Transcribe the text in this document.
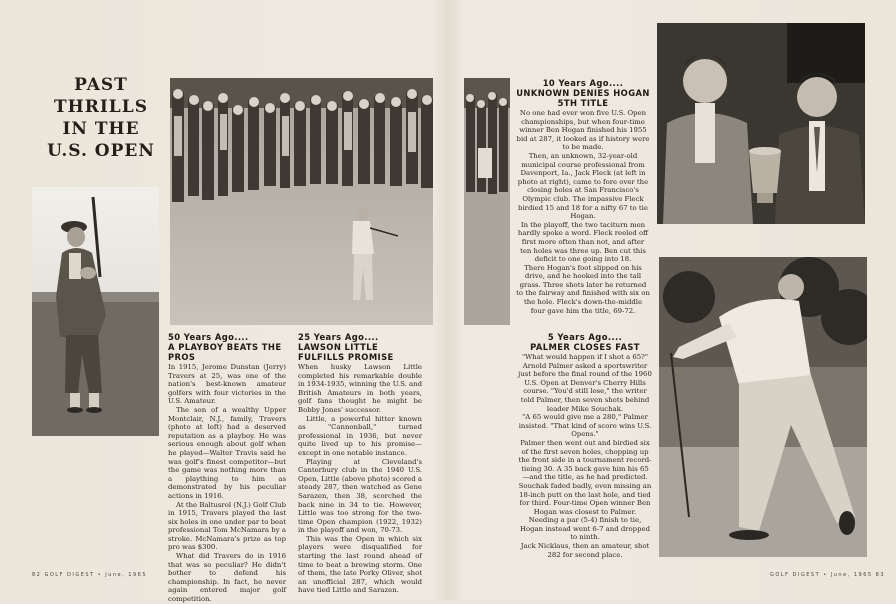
PAST
THRILLS
IN THE
U.S. OPEN
50 Years Ago....
A PLAYBOY BEATS THE PROS

In 1915, Jerome Dunstan (Jerry) Travers at 25, was one of the nation's best-known amateur golfers with four victories in the U.S. Amateur.

The son of a wealthy Upper Montclair, N.J., family, Travers (photo at left) had a deserved reputation as a playboy. He was serious enough about golf when he played—Walter Travis said he was golf's finest competitor—but the game was nothing more than a plaything to him as demonstrated by his peculiar actions in 1916.

At the Baltusrol (N.J.) Golf Club in 1915, Travers played the last six holes in one under par to beat professional Tom McNamara by a stroke. McNamara's prize as top pro was $300.

What did Travers do in 1916 that was so peculiar? He didn't bother to defend his championship. In fact, he never again entered major golf competition.

25 Years Ago....
LAWSON LITTLE FULFILLS PROMISE

When husky Lawson Little completed his remarkable double in 1934-1935, winning the U.S. and British Amateurs in both years, golf fans thought he might be Bobby Jones' successor.

Little, a powerful hitter known as "Cannonball," turned professional in 1936, but never quite lived up to his promise—except in one notable instance.

Playing at Cleveland's Canterbury club in the 1940 U.S. Open, Little (above photo) scored a steady 287, then watched as Gene Sarazen, then 38, scorched the back nine in 34 to tie. However, Little was too strong for the two-time Open champion (1922, 1932) in the playoff and won, 70-73.

This was the Open in which six players were disqualified for starting the last round ahead of time to beat a brewing storm. One of them, the late Porky Oliver, shot an unofficial 287, which would have tied Little and Sarazen.

10 Years Ago....
UNKNOWN DENIES HOGAN 5TH TITLE

No one had ever won five U.S. Open championships, but when four-time winner Ben Hogan finished his 1955 bid at 287, it looked as if history were to be made.

Then, an unknown, 32-year-old municipal course professional from Davenport, Ia., Jack Fleck (at left in photo at right), came to fore over the closing holes at San Francisco's Olympic club. The impassive Fleck birdied 15 and 18 for a nifty 67 to tie Hogan.

In the playoff, the two taciturn men hardly spoke a word. Fleck reeled off first more often than not, and after ten holes was three up. Ben cut this deficit to one going into 18.

There Hogan's foot slipped on his drive, and he hooked into the tall grass. Three shots later he returned to the fairway and finished with six on the hole. Fleck's down-the-middle four gave him the title, 69-72.

5 Years Ago....
PALMER CLOSES FAST

"What would happen if I shot a 65?" Arnold Palmer asked a sportswriter just before the final round of the 1960 U.S. Open at Denver's Cherry Hills course. "You'd still lose," the writer told Palmer, then seven shots behind leader Mike Souchak.

"A 65 would give me a 280," Palmer insisted. "That kind of score wins U.S. Opens."

Palmer then went out and birdied six of the first seven holes, chopping up the front side in a tournament record-tieing 30. A 35 back gave him his 65—and the title, as he had predicted.

Souchak faded badly, even missing an 18-inch putt on the last hole, and tied for third. Four-time Open winner Ben Hogan was closest to Palmer. Needing a par (5-4) finish to tie, Hogan instead went 6-7 and dropped to ninth.

Jack Nicklaus, then an amateur, shot 282 for second place.

82 GOLF DIGEST • June, 1965	GOLF DIGEST • June, 1965 83
